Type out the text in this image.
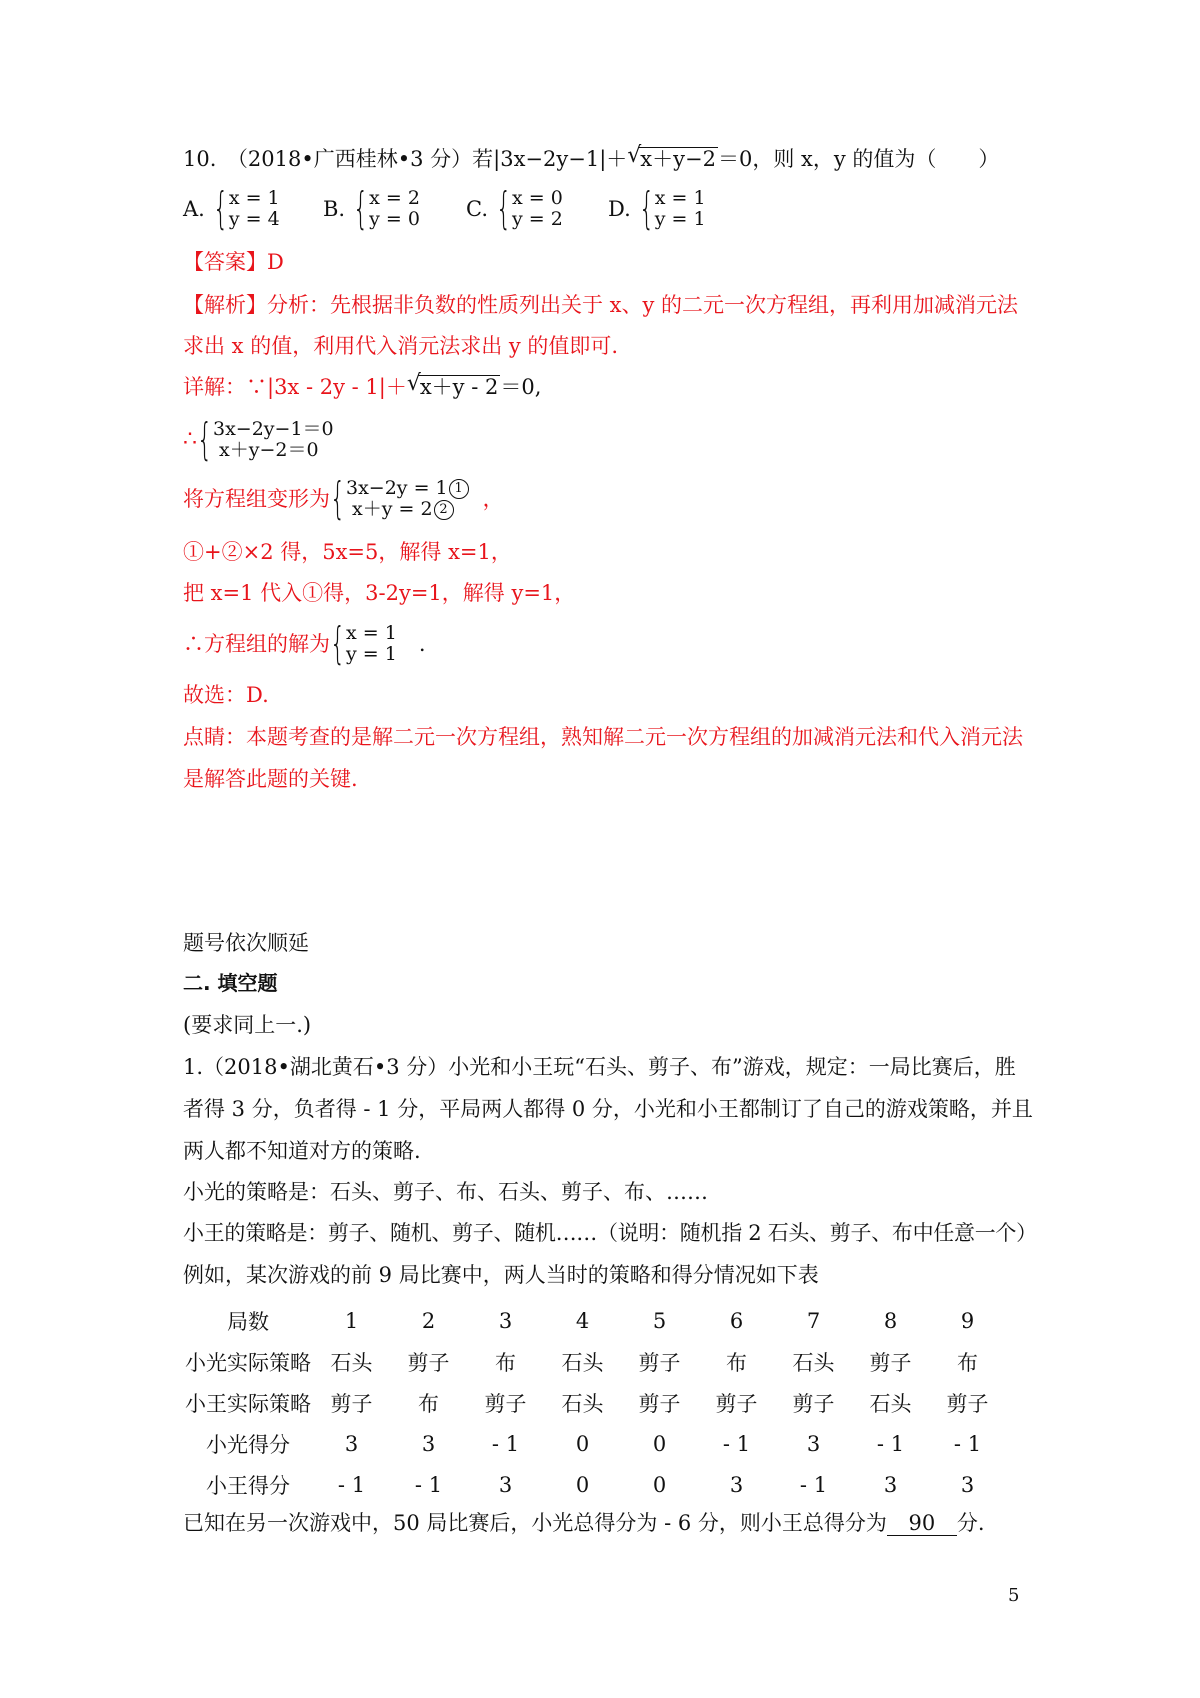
10.　（2018•广西桂林•3 分）若|3x−2y−1|＋ √
x＋y−2＝0，则 x，y 的值为（　　）
A. { x = 1
y = 4 B. { x = 2
y = 0 C. { x = 0
y = 2 D. { x = 1
y = 1
【答案】D
【解析】分析：先根据非负数的性质列出关于 x、y 的二元一次方程组，再利用加减消元法
求出 x 的值，利用代入消元法求出 y 的值即可.
详解：∵|3x - 2y - 1|＋ √
x＋y - 2＝0,
∴ { 3x−2y−1＝0
x＋y−2＝0
将方程组变形为 { 3x−2y = 1 1
x＋y = 2 2	，
①+②×2 得，5x=5，解得 x=1，
把 x=1 代入①得，3-2y=1，解得 y=1，
∴方程组的解为 { x = 1
y = 1 .
故选：D.
点睛：本题考查的是解二元一次方程组，熟知解二元一次方程组的加减消元法和代入消元法
是解答此题的关键.
题号依次顺延
二. 填空题
(要求同上一.)
1.（2018•湖北黄石•3 分）小光和小王玩“石头、剪子、布”游戏，规定：一局比赛后，胜
者得 3 分，负者得 - 1 分，平局两人都得 0 分，小光和小王都制订了自己的游戏策略，并且
两人都不知道对方的策略.
小光的策略是：石头、剪子、布、石头、剪子、布、……
小王的策略是：剪子、随机、剪子、随机……（说明：随机指 2 石头、剪子、布中任意一个）
例如，某次游戏的前 9 局比赛中，两人当时的策略和得分情况如下表
局数	1	2	3	4	5	6	7	8	9
小光实际策略	石头	剪子	布	石头	剪子	布	石头	剪子	布
小王实际策略	剪子	布	剪子	石头	剪子	剪子	剪子	石头	剪子
小光得分	3	3	- 1	0	0	- 1	3	- 1	- 1
小王得分	- 1	- 1	3	0	0	3	- 1	3	3
已知在另一次游戏中，50 局比赛后，小光总得分为 - 6 分，则小王总得分为 90 分.
5
